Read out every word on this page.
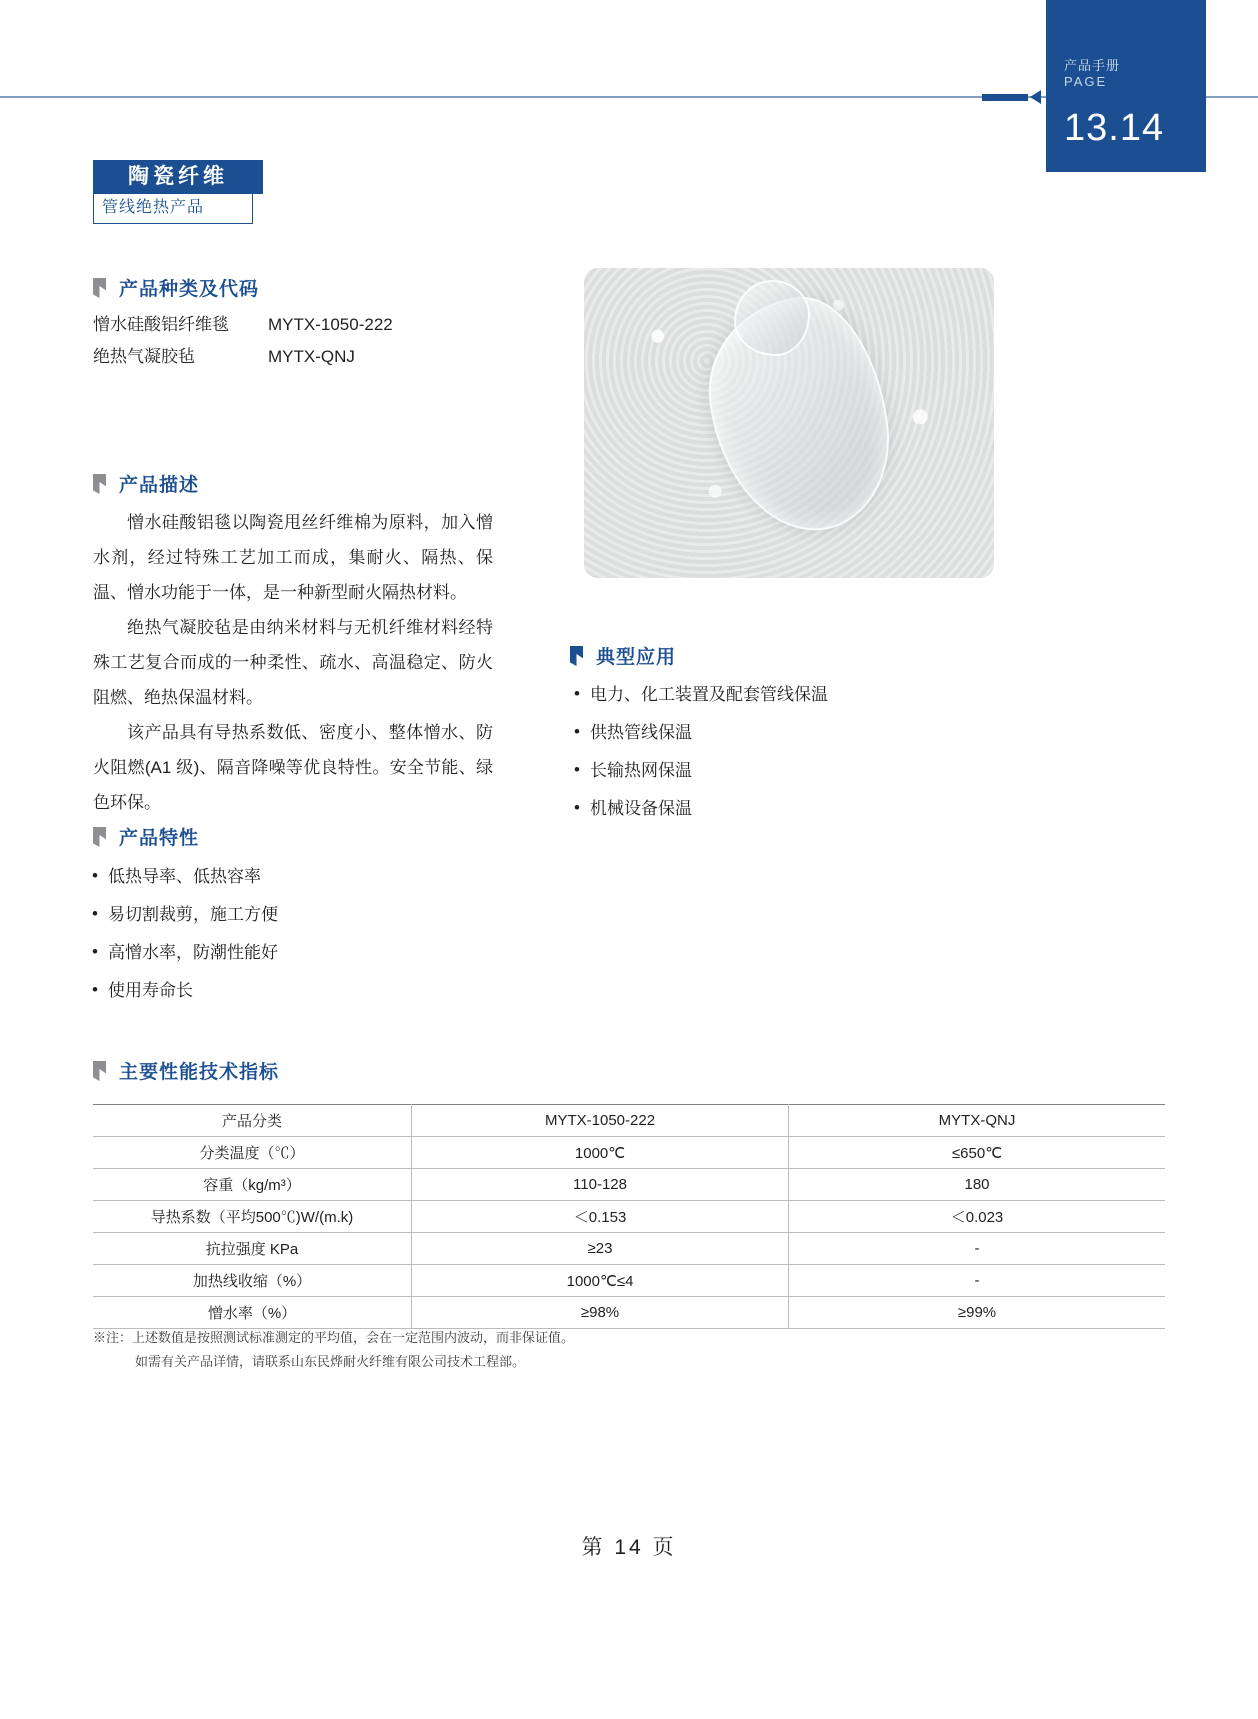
产品手册
PAGE
13.14
陶瓷纤维
管线绝热产品
产品种类及代码
憎水硅酸铝纤维毯 MYTX-1050-222
绝热气凝胶毡	MYTX-QNJ
产品描述

憎水硅酸铝毯以陶瓷甩丝纤维棉为原料，加入憎水剂，经过特殊工艺加工而成，集耐火、隔热、保温、憎水功能于一体，是一种新型耐火隔热材料。

绝热气凝胶毡是由纳米材料与无机纤维材料经特殊工艺复合而成的一种柔性、疏水、高温稳定、防火阻燃、绝热保温材料。

该产品具有导热系数低、密度小、整体憎水、防火阻燃(A1 级)、隔音降噪等优良特性。安全节能、绿色环保。

典型应用
• 电力、化工装置及配套管线保温
• 供热管线保温
• 长输热网保温
• 机械设备保温
产品特性
• 低热导率、低热容率
• 易切割裁剪，施工方便
• 高憎水率，防潮性能好
• 使用寿命长
主要性能技术指标
产品分类	MYTX-1050-222	MYTX-QNJ
分类温度（℃）	1000℃	≤650℃
容重（kg/m³）	110-128	180
导热系数（平均500℃)W/(m.k)	＜0.153	＜0.023
抗拉强度 KPa	≥23	-
加热线收缩（%）	1000℃≤4	-
憎水率（%）	≥98%	≥99%
※注：上述数值是按照测试标准测定的平均值，会在一定范围内波动，而非保证值。
如需有关产品详情，请联系山东民烨耐火纤维有限公司技术工程部。
第 14 页
